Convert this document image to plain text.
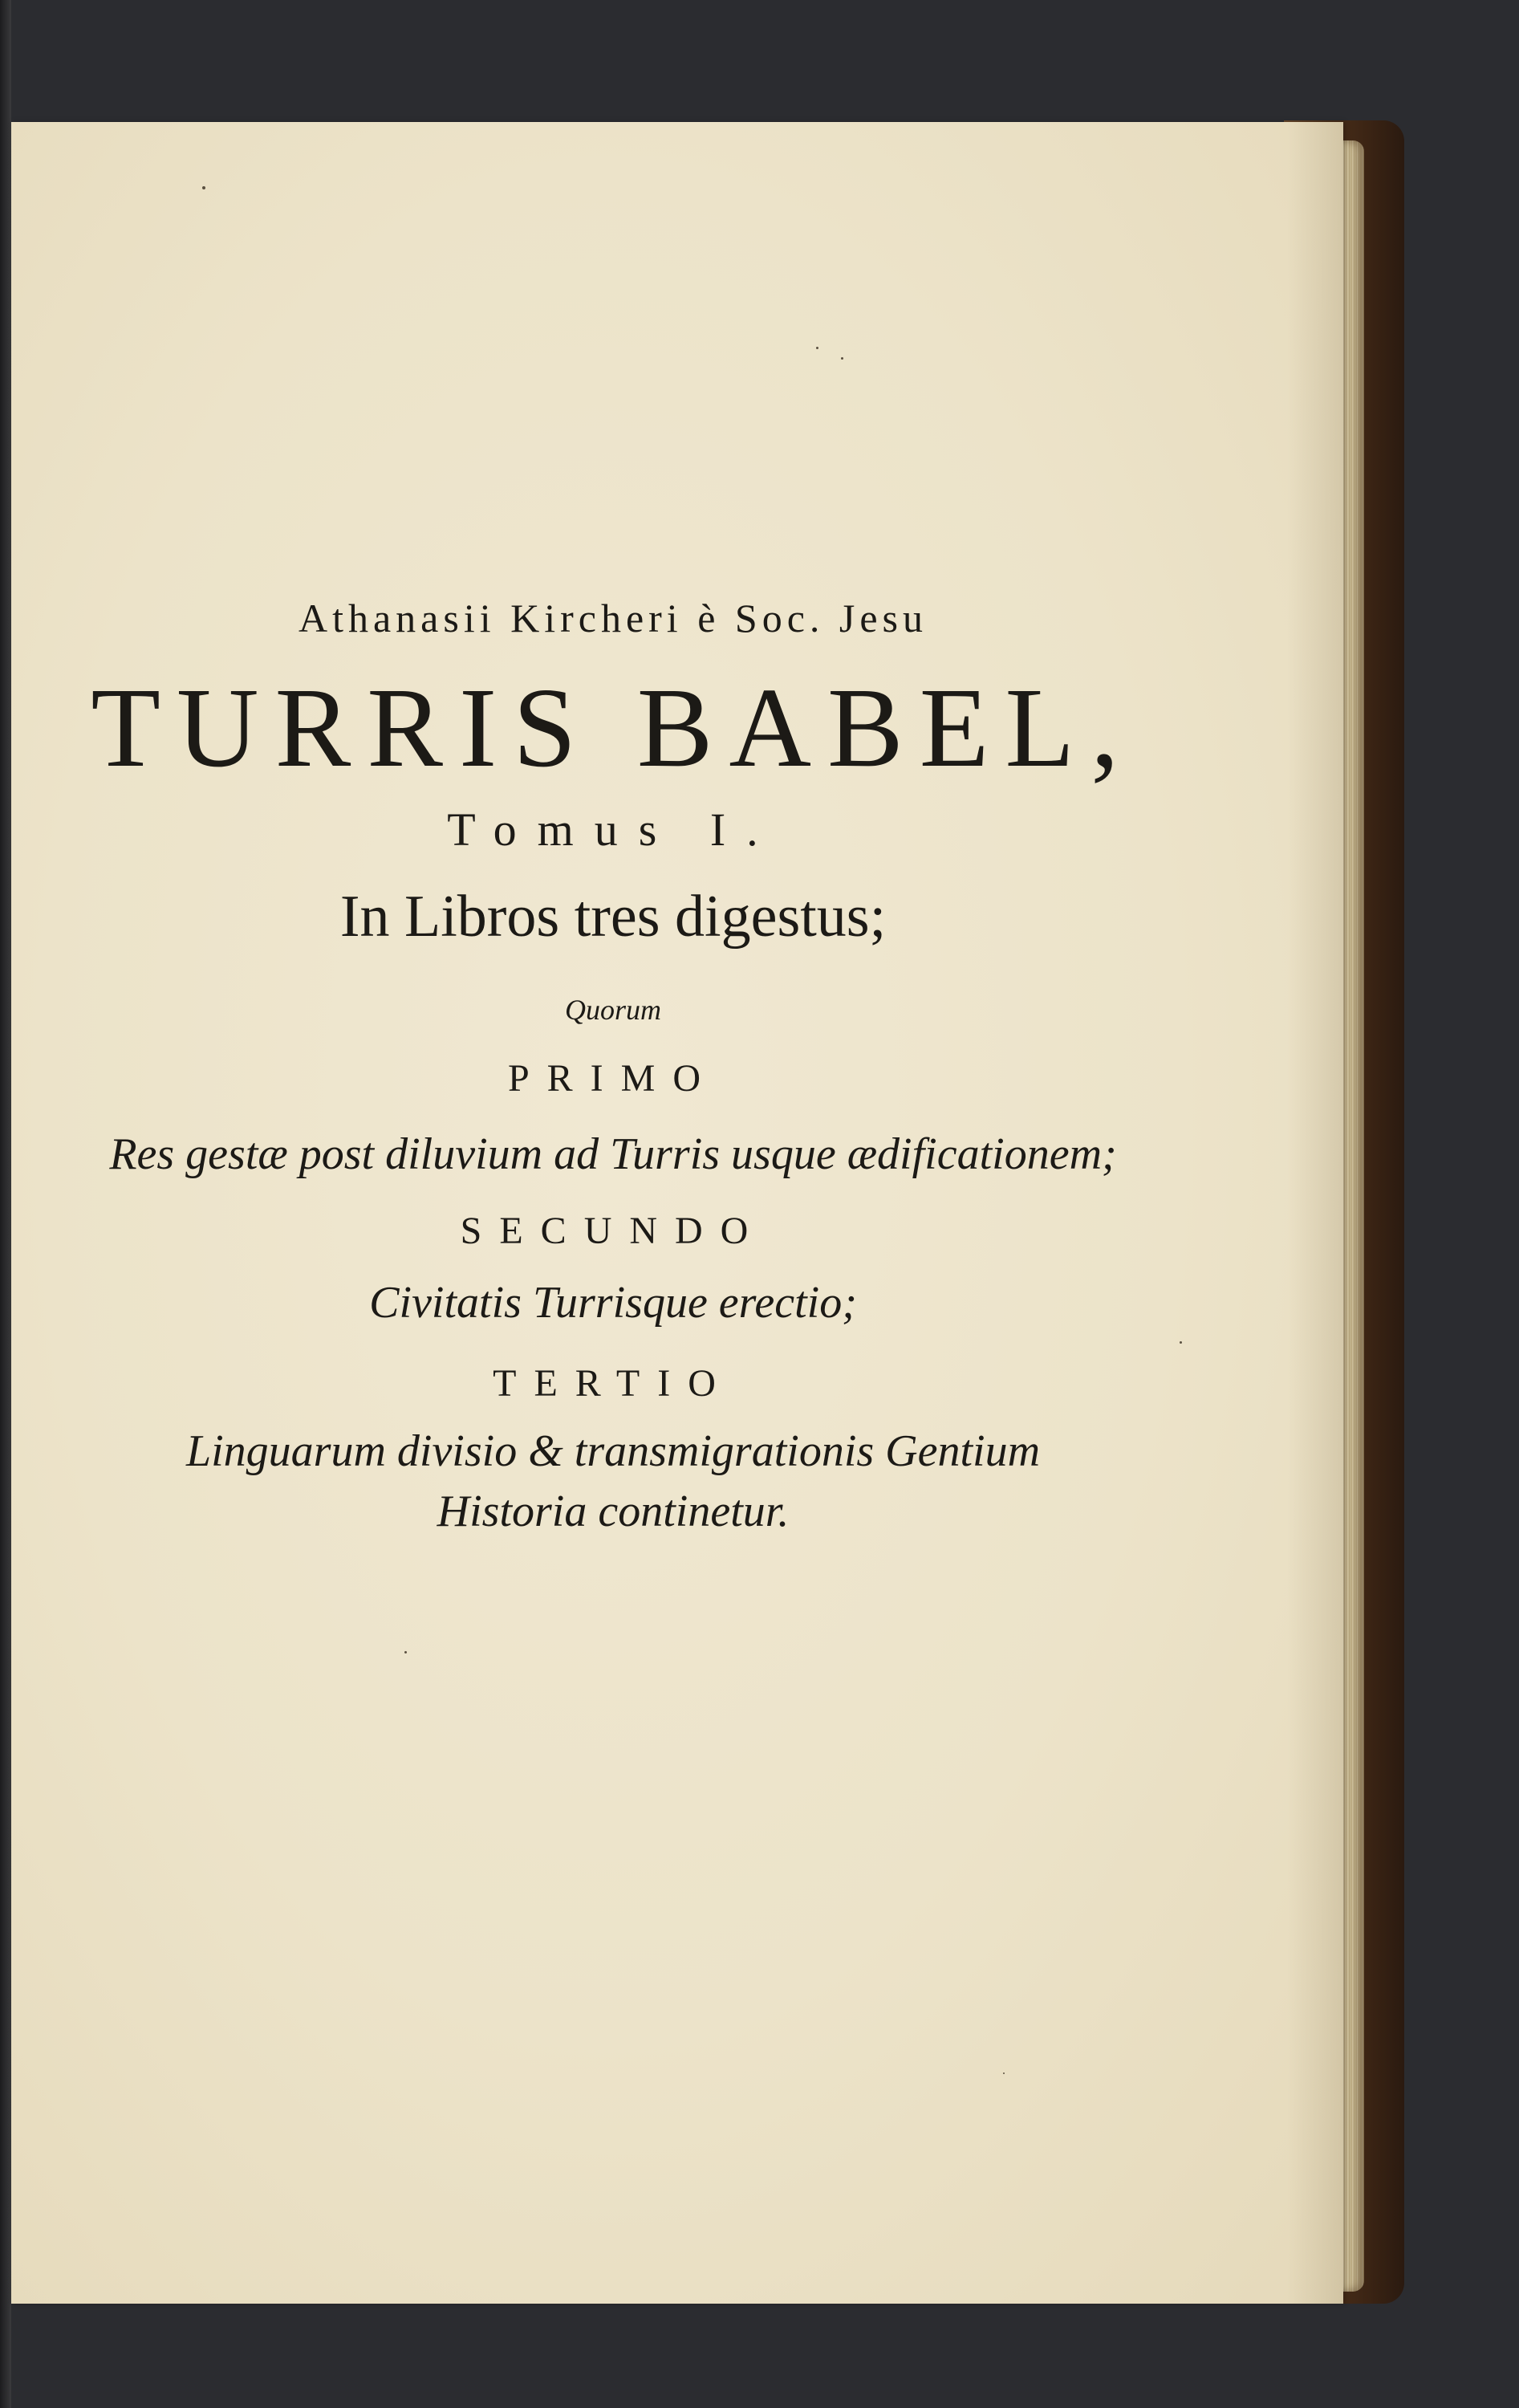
Athanasii Kircheri è Soc. Jesu
TURRIS BABEL,
Tomus I.
In Libros tres digestus;
Quorum
PRIMO
Res gestæ post diluvium ad Turris usque ædificationem;
SECUNDO
Civitatis Turrisque erectio;
TERTIO
Linguarum divisio & transmigrationis Gentium
Historia continetur.
